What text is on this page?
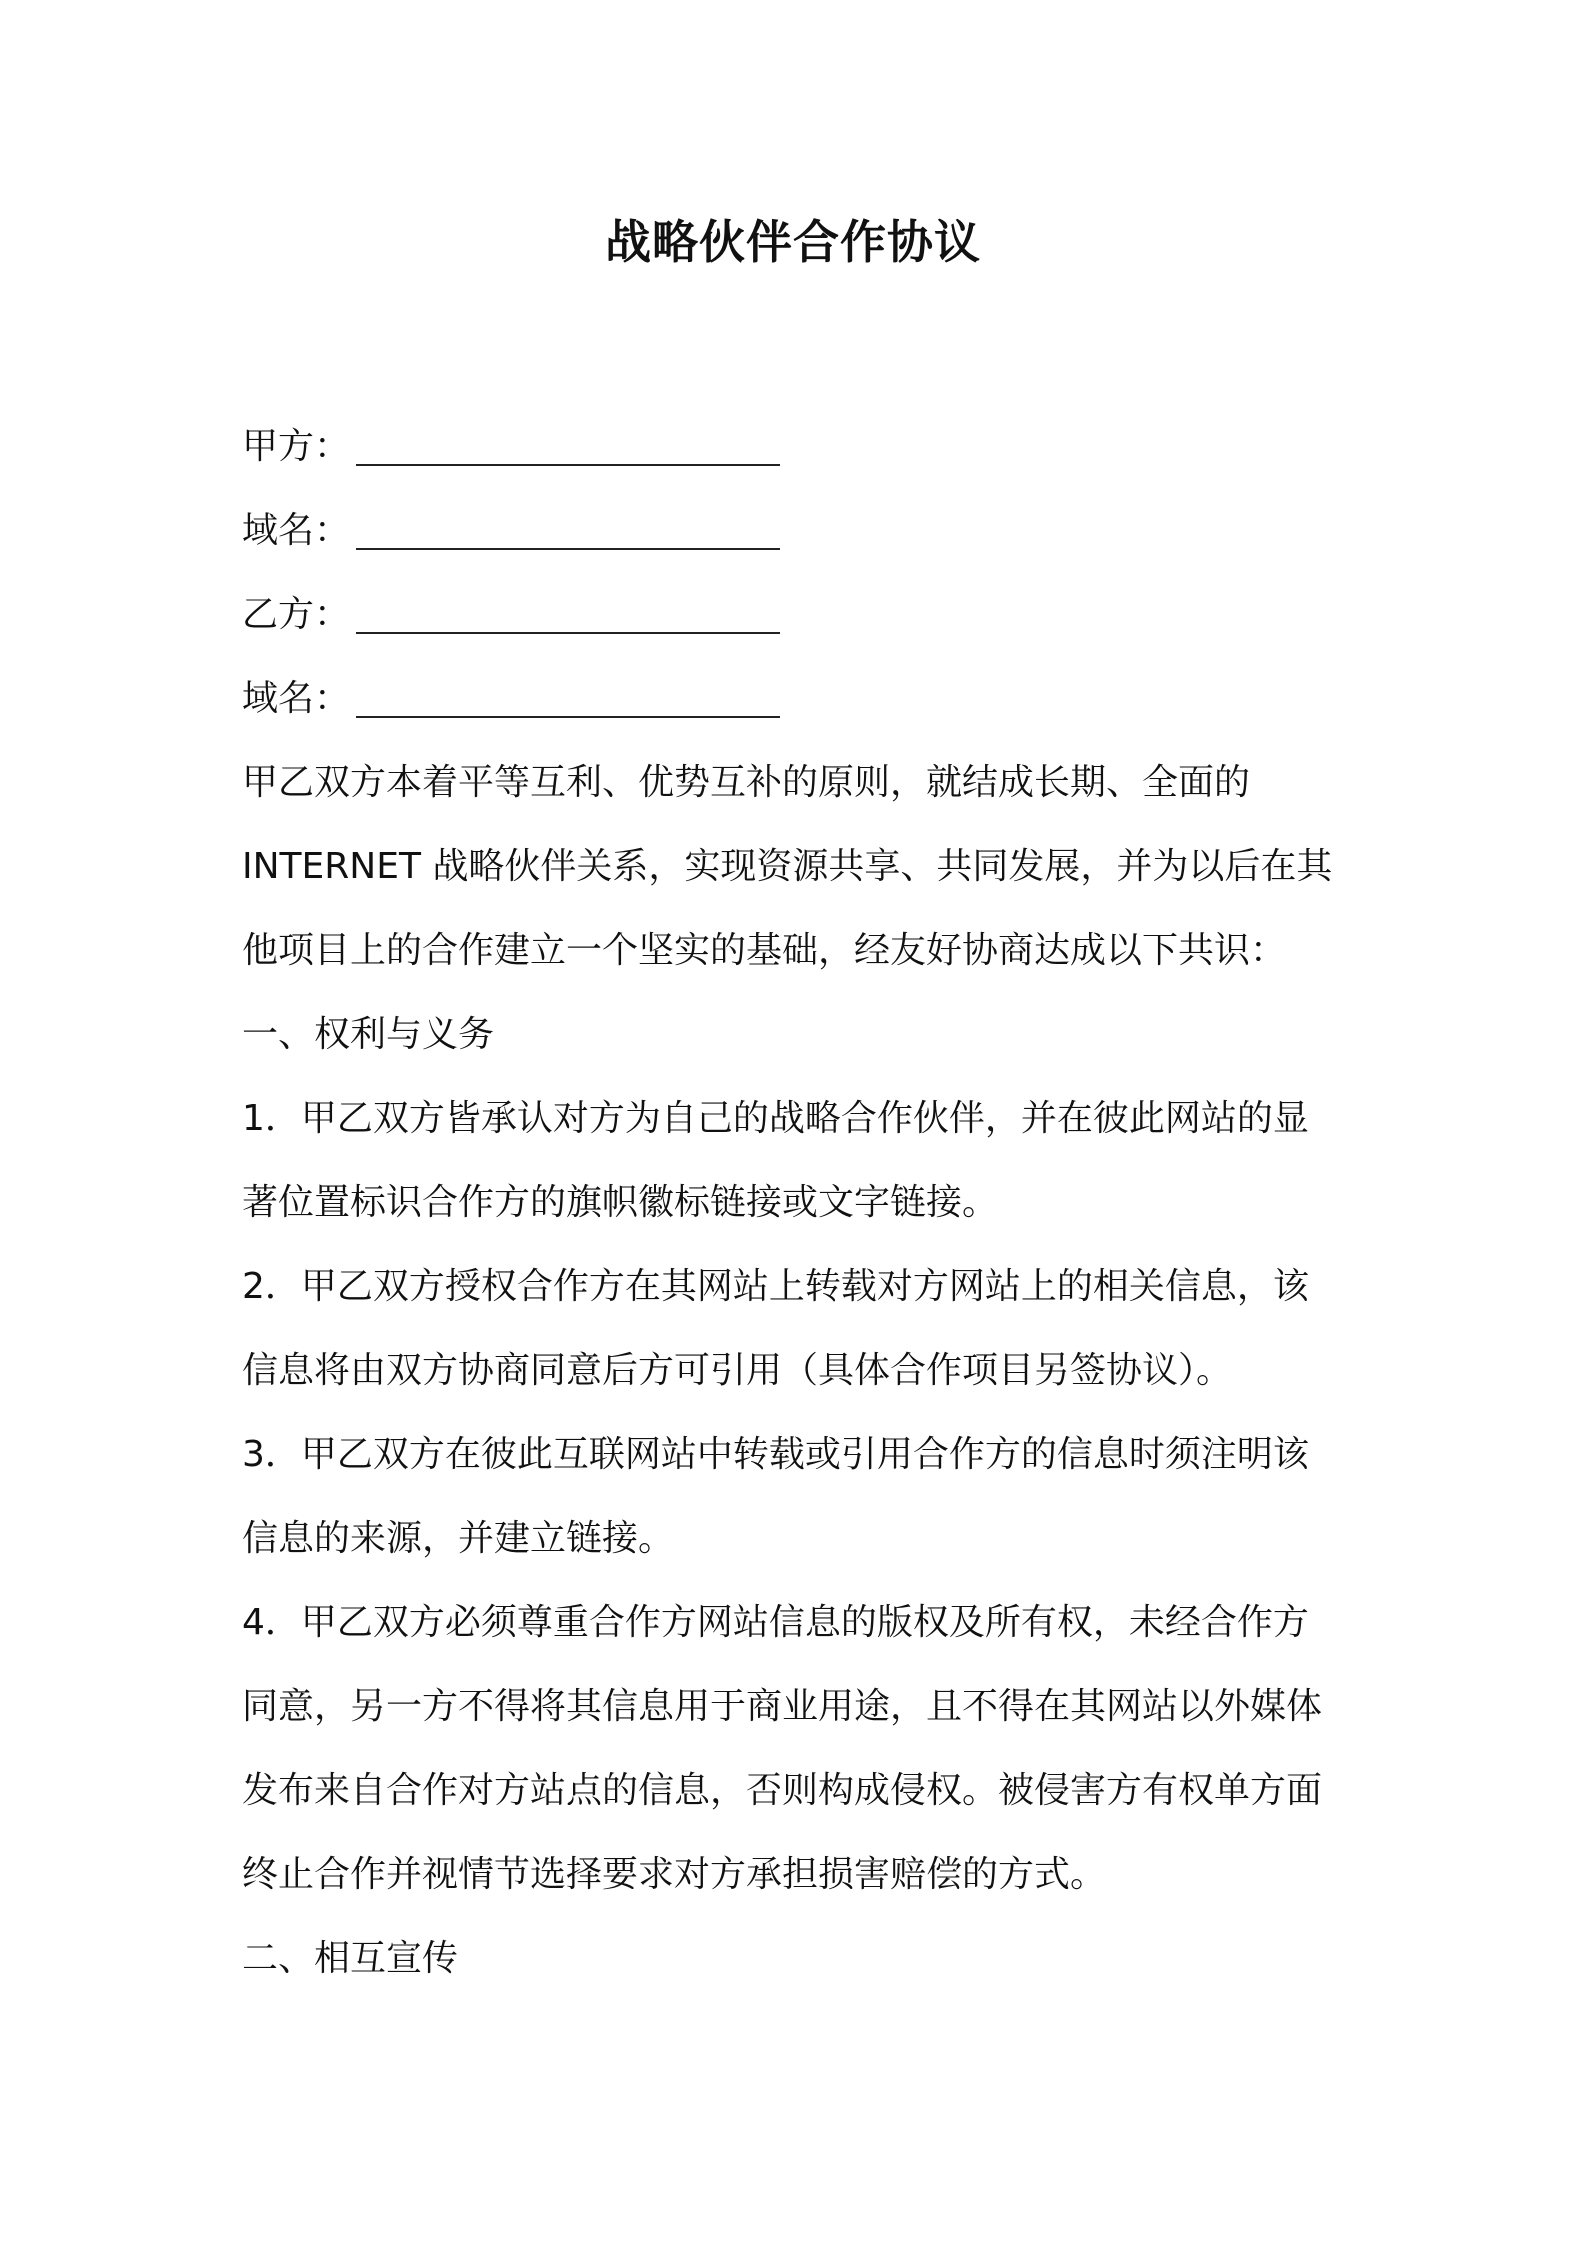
战略伙伴合作协议
甲方：
域名：
乙方：
域名：
甲乙双方本着平等互利、优势互补的原则，就结成长期、全面的
INTERNET 战略伙伴关系，实现资源共享、共同发展，并为以后在其
他项目上的合作建立一个坚实的基础，经友好协商达成以下共识：
一、权利与义务
1．甲乙双方皆承认对方为自己的战略合作伙伴，并在彼此网站的显
著位置标识合作方的旗帜徽标链接或文字链接。
2．甲乙双方授权合作方在其网站上转载对方网站上的相关信息，该
信息将由双方协商同意后方可引用（具体合作项目另签协议）。
3．甲乙双方在彼此互联网站中转载或引用合作方的信息时须注明该
信息的来源，并建立链接。
4．甲乙双方必须尊重合作方网站信息的版权及所有权，未经合作方
同意，另一方不得将其信息用于商业用途，且不得在其网站以外媒体
发布来自合作对方站点的信息，否则构成侵权。被侵害方有权单方面
终止合作并视情节选择要求对方承担损害赔偿的方式。
二、相互宣传
